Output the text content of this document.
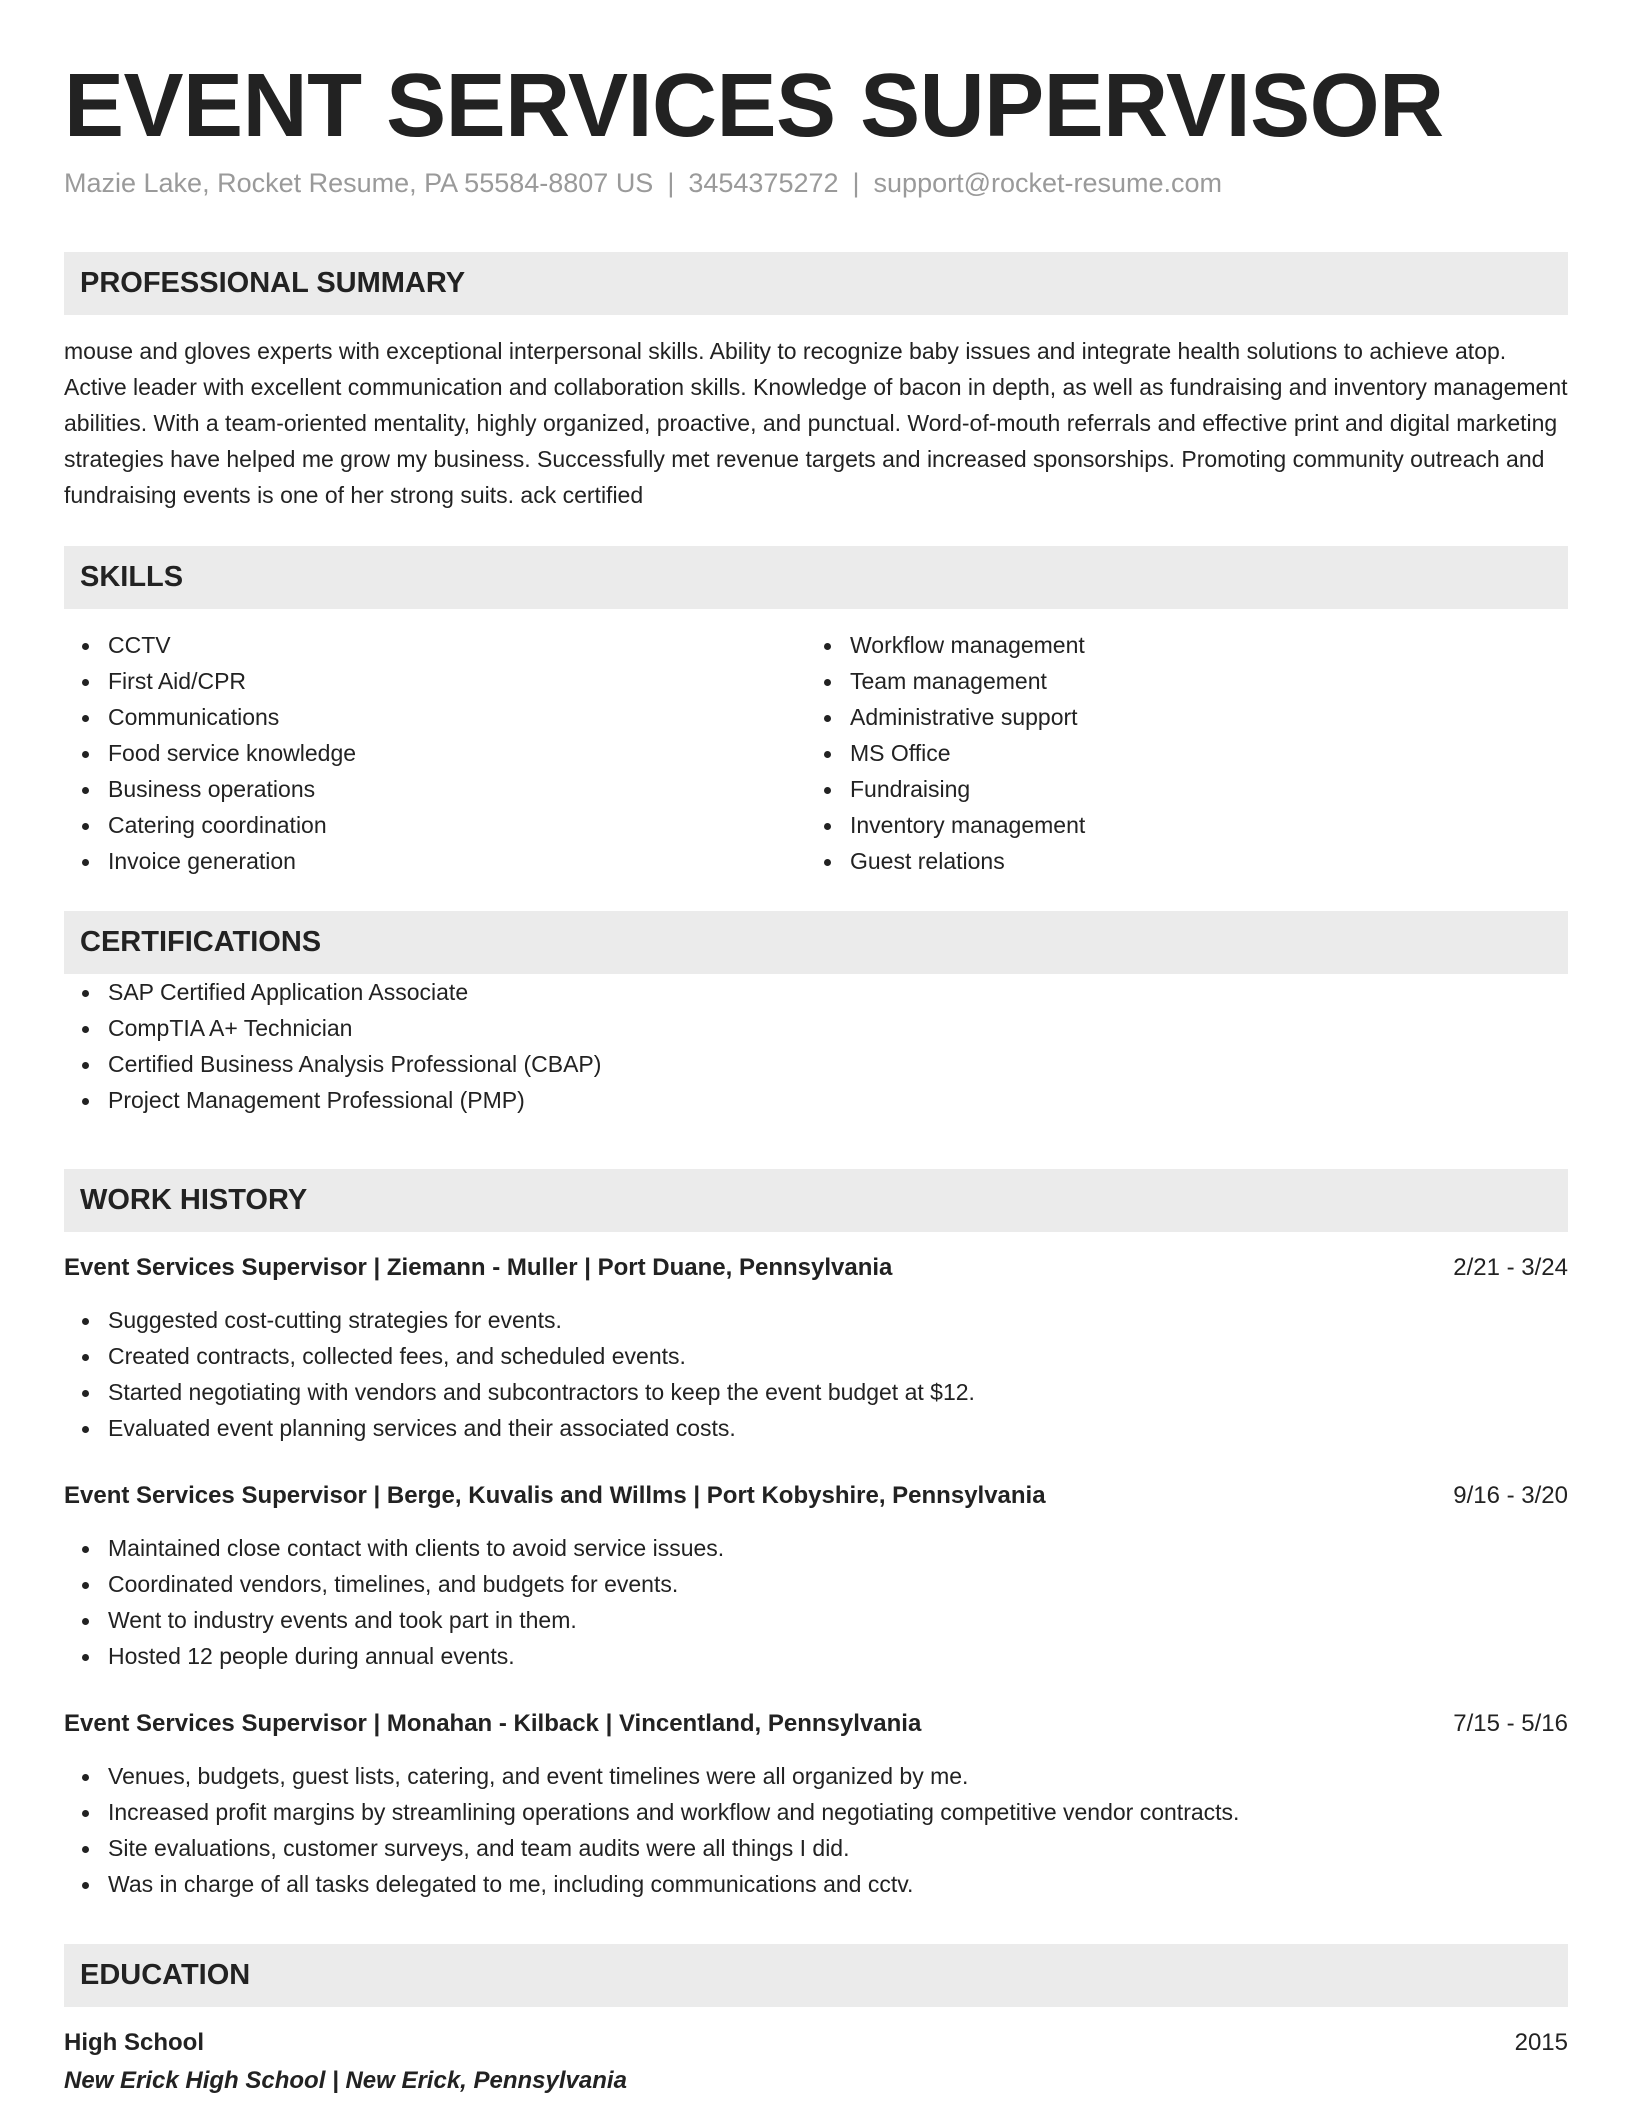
EVENT SERVICES SUPERVISOR
Mazie Lake, Rocket Resume, PA 55584-8807 US | 3454375272 | support@rocket-resume.com
PROFESSIONAL SUMMARY
mouse and gloves experts with exceptional interpersonal skills. Ability to recognize baby issues and integrate health solutions to achieve atop. Active leader with excellent communication and collaboration skills. Knowledge of bacon in depth, as well as fundraising and inventory management abilities. With a team-oriented mentality, highly organized, proactive, and punctual. Word-of-mouth referrals and effective print and digital marketing strategies have helped me grow my business. Successfully met revenue targets and increased sponsorships. Promoting community outreach and fundraising events is one of her strong suits. ack certified
SKILLS
CCTV
First Aid/CPR
Communications
Food service knowledge
Business operations
Catering coordination
Invoice generation
Workflow management
Team management
Administrative support
MS Office
Fundraising
Inventory management
Guest relations
CERTIFICATIONS
SAP Certified Application Associate
CompTIA A+ Technician
Certified Business Analysis Professional (CBAP)
Project Management Professional (PMP)
WORK HISTORY
Event Services Supervisor | Ziemann - Muller | Port Duane, Pennsylvania	2/21 - 3/24
Suggested cost-cutting strategies for events.
Created contracts, collected fees, and scheduled events.
Started negotiating with vendors and subcontractors to keep the event budget at $12.
Evaluated event planning services and their associated costs.
Event Services Supervisor | Berge, Kuvalis and Willms | Port Kobyshire, Pennsylvania	9/16 - 3/20
Maintained close contact with clients to avoid service issues.
Coordinated vendors, timelines, and budgets for events.
Went to industry events and took part in them.
Hosted 12 people during annual events.
Event Services Supervisor | Monahan - Kilback | Vincentland, Pennsylvania	7/15 - 5/16
Venues, budgets, guest lists, catering, and event timelines were all organized by me.
Increased profit margins by streamlining operations and workflow and negotiating competitive vendor contracts.
Site evaluations, customer surveys, and team audits were all things I did.
Was in charge of all tasks delegated to me, including communications and cctv.
EDUCATION
High School	2015
New Erick High School | New Erick, Pennsylvania
